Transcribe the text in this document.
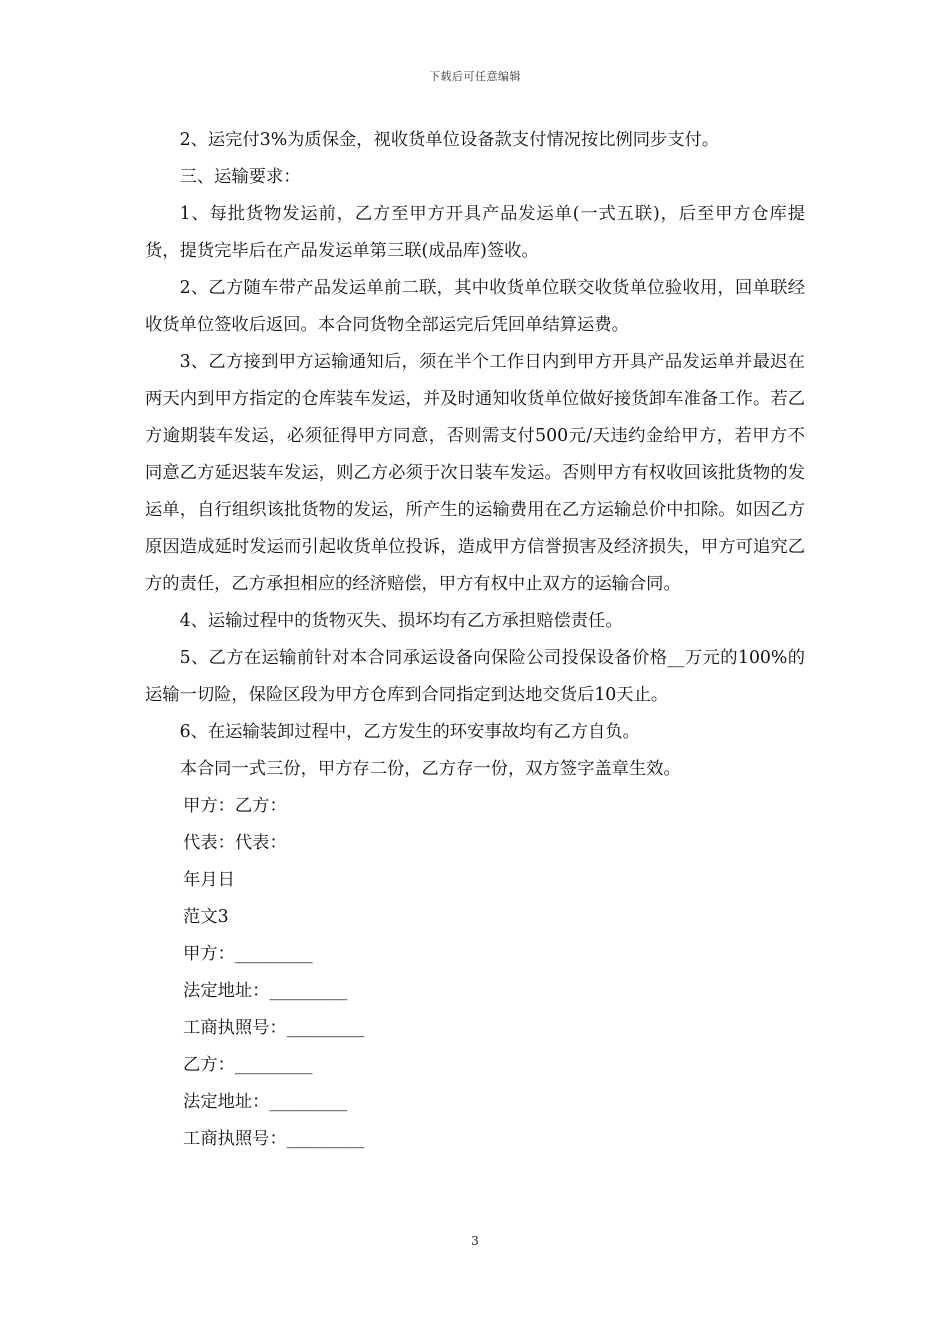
下载后可任意编辑

2、运完付3%为质保金，视收货单位设备款支付情况按比例同步支付。

三、运输要求：

1、每批货物发运前，乙方至甲方开具产品发运单(一式五联)，后至甲方仓库提货，提货完毕后在产品发运单第三联(成品库)签收。

2、乙方随车带产品发运单前二联，其中收货单位联交收货单位验收用，回单联经收货单位签收后返回。本合同货物全部运完后凭回单结算运费。

3、乙方接到甲方运输通知后，须在半个工作日内到甲方开具产品发运单并最迟在两天内到甲方指定的仓库装车发运，并及时通知收货单位做好接货卸车准备工作。若乙方逾期装车发运，必须征得甲方同意，否则需支付500元/天违约金给甲方，若甲方不同意乙方延迟装车发运，则乙方必须于次日装车发运。否则甲方有权收回该批货物的发运单，自行组织该批货物的发运，所产生的运输费用在乙方运输总价中扣除。如因乙方原因造成延时发运而引起收货单位投诉，造成甲方信誉损害及经济损失，甲方可追究乙方的责任，乙方承担相应的经济赔偿，甲方有权中止双方的运输合同。

4、运输过程中的货物灭失、损坏均有乙方承担赔偿责任。

5、乙方在运输前针对本合同承运设备向保险公司投保设备价格__万元的100%的运输一切险，保险区段为甲方仓库到合同指定到达地交货后10天止。

6、在运输装卸过程中，乙方发生的环安事故均有乙方自负。

本合同一式三份，甲方存二份，乙方存一份，双方签字盖章生效。

甲方：乙方：

代表：代表：

年月日

范文3

甲方：_________

法定地址：_________

工商执照号：_________

乙方：_________

法定地址：_________

工商执照号：_________

3
